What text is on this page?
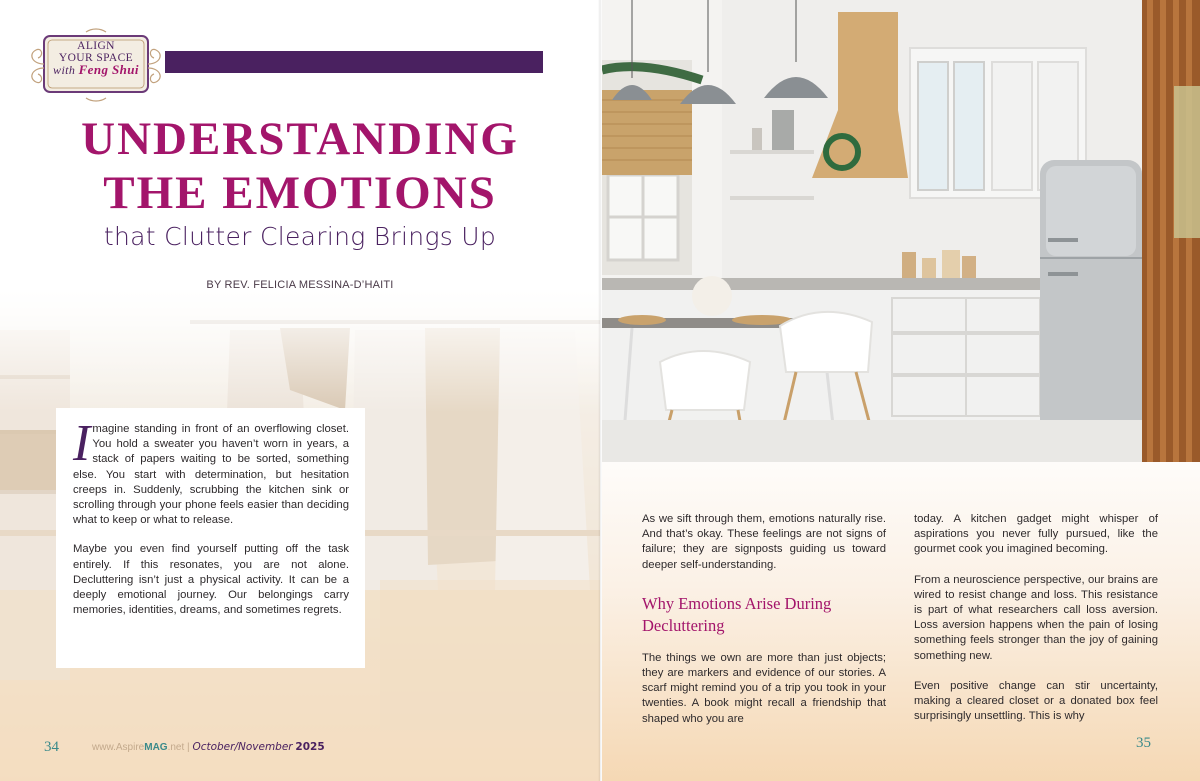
ALIGN
YOUR SPACE
with Feng Shui
UNDERSTANDING
THE EMOTIONS
that Clutter Clearing Brings Up
BY REV. FELICIA MESSINA-D’HAITI

Imagine standing in front of an overflowing closet. You hold a sweater you haven’t worn in years, a stack of papers waiting to be sorted, something else. You start with determination, but hesitation creeps in. Suddenly, scrubbing the kitchen sink or scrolling through your phone feels easier than deciding what to keep or what to release.

Maybe you even find yourself putting off the task entirely. If this resonates, you are not alone. Decluttering isn’t just a physical activity. It can be a deeply emotional journey. Our belongings carry memories, identities, dreams, and sometimes regrets.

34	www.AspireMAG.net | October/November 2025

As we sift through them, emotions naturally rise. And that’s okay. These feelings are not signs of failure; they are signposts guiding us toward deeper self-understanding.

Why Emotions Arise During Decluttering

The things we own are more than just objects; they are markers and evidence of our stories. A scarf might remind you of a trip you took in your twenties. A book might recall a friendship that shaped who you are

today. A kitchen gadget might whisper of aspirations you never fully pursued, like the gourmet cook you imagined becoming.

From a neuroscience perspective, our brains are wired to resist change and loss. This resistance is part of what researchers call loss aversion. Loss aversion happens when the pain of losing something feels stronger than the joy of gaining something new.

Even positive change can stir uncertainty, making a cleared closet or a donated box feel surprisingly unsettling. This is why

35
